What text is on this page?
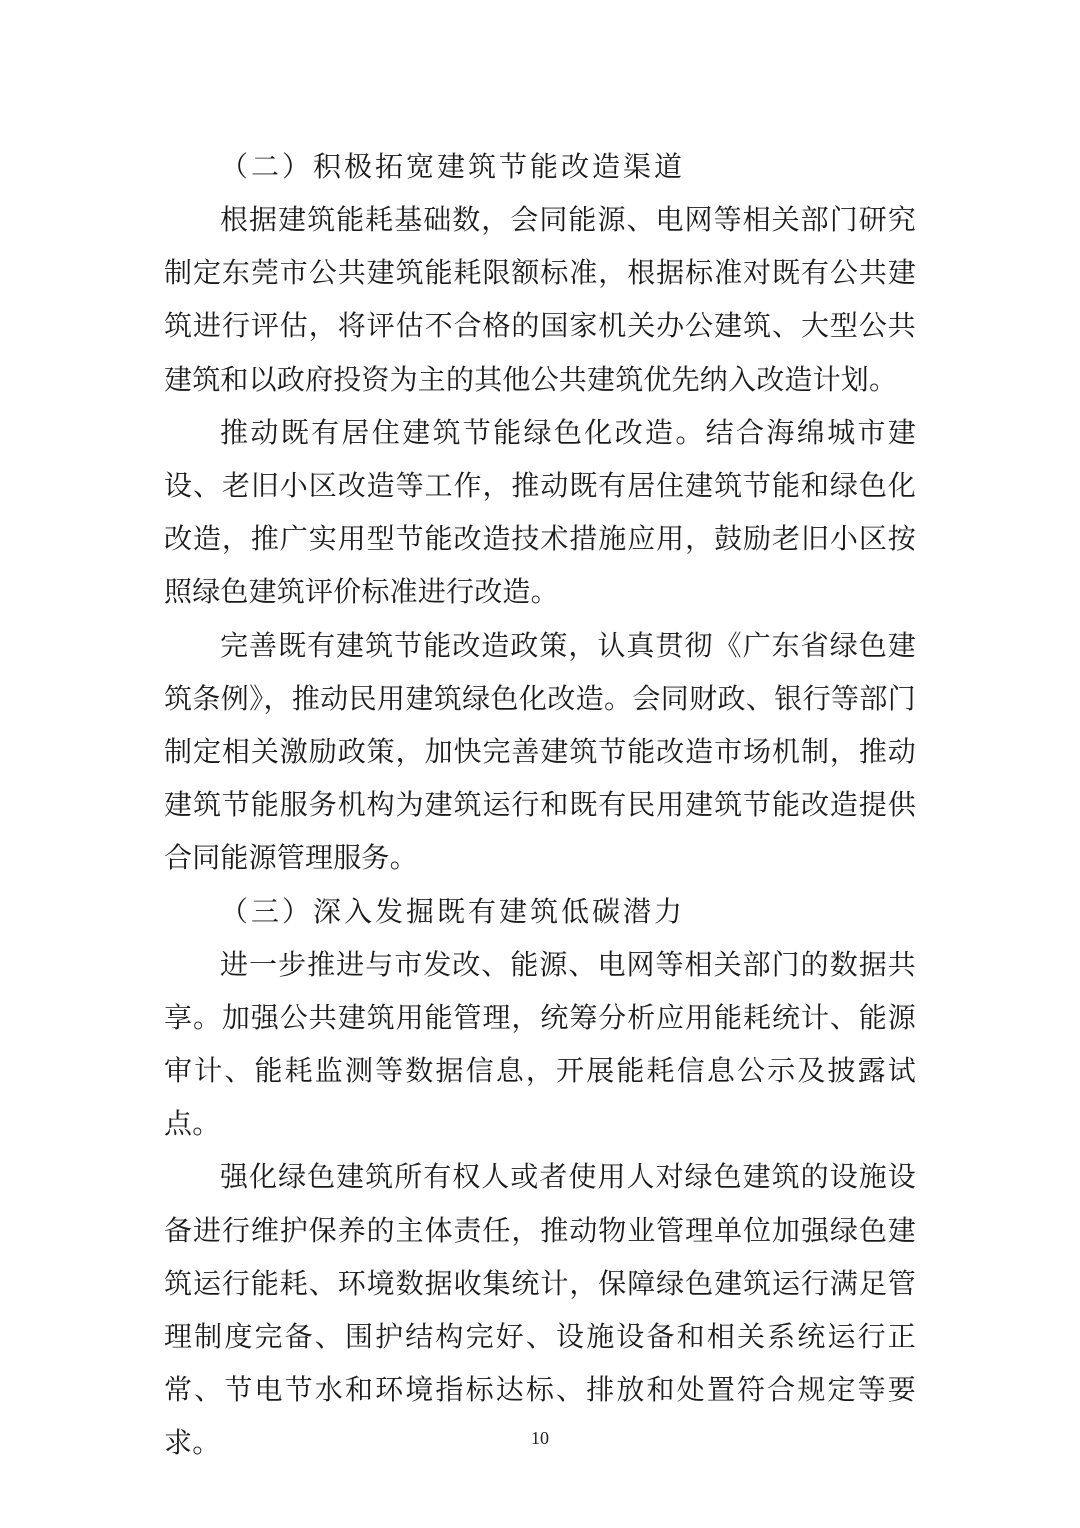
（二）积极拓宽建筑节能改造渠道

根据建筑能耗基础数，会同能源、电网等相关部门研究制定东莞市公共建筑能耗限额标准，根据标准对既有公共建筑进行评估，将评估不合格的国家机关办公建筑、大型公共建筑和以政府投资为主的其他公共建筑优先纳入改造计划。

推动既有居住建筑节能绿色化改造。结合海绵城市建设、老旧小区改造等工作，推动既有居住建筑节能和绿色化改造，推广实用型节能改造技术措施应用，鼓励老旧小区按照绿色建筑评价标准进行改造。

完善既有建筑节能改造政策，认真贯彻《广东省绿色建筑条例》，推动民用建筑绿色化改造。会同财政、银行等部门制定相关激励政策，加快完善建筑节能改造市场机制，推动建筑节能服务机构为建筑运行和既有民用建筑节能改造提供合同能源管理服务。

（三）深入发掘既有建筑低碳潜力

进一步推进与市发改、能源、电网等相关部门的数据共享。加强公共建筑用能管理，统筹分析应用能耗统计、能源审计、能耗监测等数据信息，开展能耗信息公示及披露试点。

强化绿色建筑所有权人或者使用人对绿色建筑的设施设备进行维护保养的主体责任，推动物业管理单位加强绿色建筑运行能耗、环境数据收集统计，保障绿色建筑运行满足管理制度完备、围护结构完好、设施设备和相关系统运行正常、节电节水和环境指标达标、排放和处置符合规定等要求。	10
